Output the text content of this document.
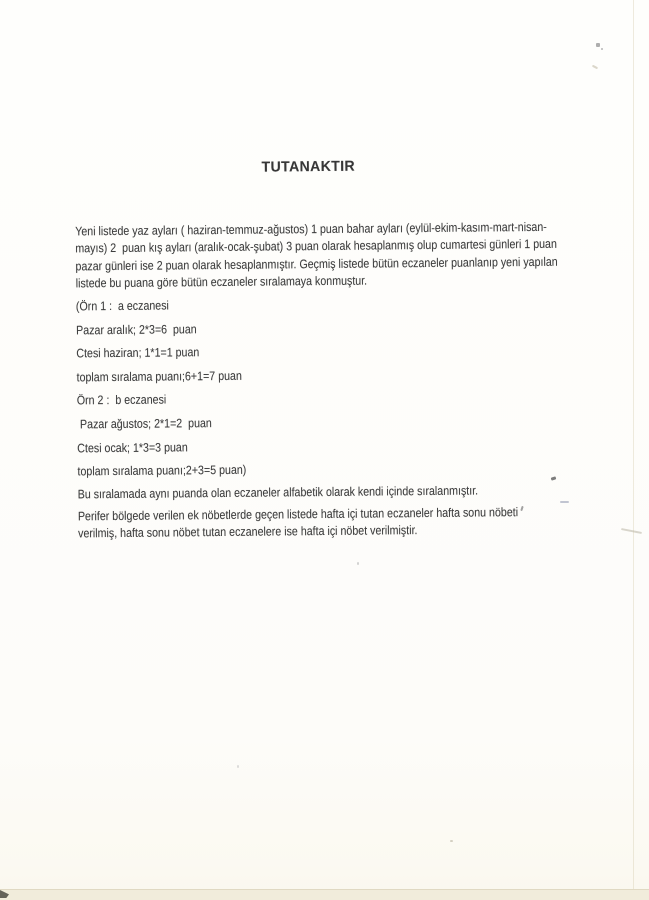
TUTANAKTIR
Yeni listede yaz ayları ( haziran-temmuz-ağustos) 1 puan bahar ayları (eylül-ekim-kasım-mart-nisan-
mayıs) 2  puan kış ayları (aralık-ocak-şubat) 3 puan olarak hesaplanmış olup cumartesi günleri 1 puan
pazar günleri ise 2 puan olarak hesaplanmıştır. Geçmiş listede bütün eczaneler puanlanıp yeni yapılan
listede bu puana göre bütün eczaneler sıralamaya konmuştur.
(Örn 1 :  a eczanesi
Pazar aralık; 2*3=6  puan
Ctesi haziran; 1*1=1 puan
toplam sıralama puanı;6+1=7 puan
Örn 2 :  b eczanesi
Pazar ağustos; 2*1=2  puan
Ctesi ocak; 1*3=3 puan
toplam sıralama puanı;2+3=5 puan)
Bu sıralamada aynı puanda olan eczaneler alfabetik olarak kendi içinde sıralanmıştır.
Perifer bölgede verilen ek nöbetlerde geçen listede hafta içi tutan eczaneler hafta sonu nöbeti
verilmiş, hafta sonu nöbet tutan eczanelere ise hafta içi nöbet verilmiştir.
